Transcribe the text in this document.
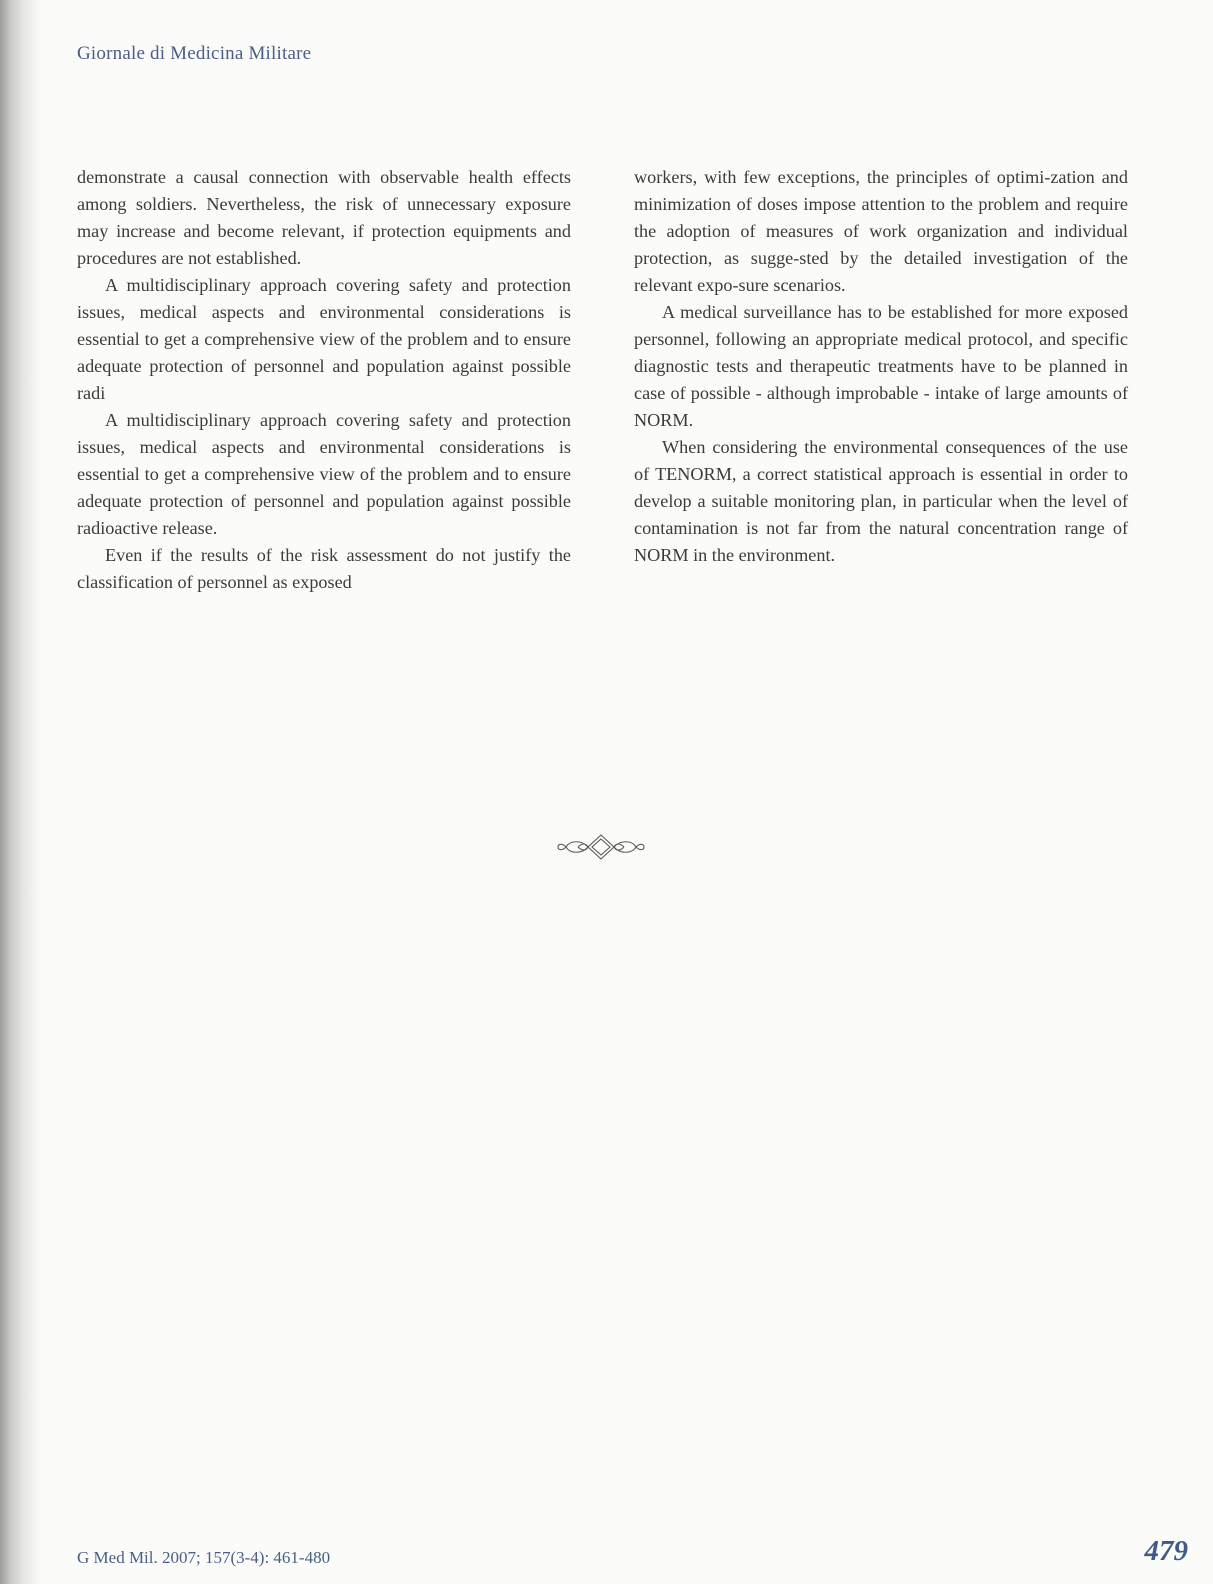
Giornale di Medicina Militare

demonstrate a causal connection with observable health effects among soldiers. Nevertheless, the risk of unnecessary exposure may increase and become relevant, if protection equipments and procedures are not established.

A multidisciplinary approach covering safety and protection issues, medical aspects and environmental considerations is essential to get a comprehensive view of the problem and to ensure adequate protection of personnel and population against possible radi

A multidisciplinary approach covering safety and protection issues, medical aspects and environmental considerations is essential to get a comprehensive view of the problem and to ensure adequate protection of personnel and population against possible radioactive release.

Even if the results of the risk assessment do not justify the classification of personnel as exposed

workers, with few exceptions, the principles of optimi-zation and minimization of doses impose attention to the problem and require the adoption of measures of work organization and individual protection, as sugge-sted by the detailed investigation of the relevant expo-sure scenarios.

A medical surveillance has to be established for more exposed personnel, following an appropriate medical protocol, and specific diagnostic tests and therapeutic treatments have to be planned in case of possible - although improbable - intake of large amounts of NORM.

When considering the environmental consequences of the use of TENORM, a correct statistical approach is essential in order to develop a suitable monitoring plan, in particular when the level of contamination is not far from the natural concentration range of NORM in the environment.

G Med Mil. 2007; 157(3-4): 461-480	479
